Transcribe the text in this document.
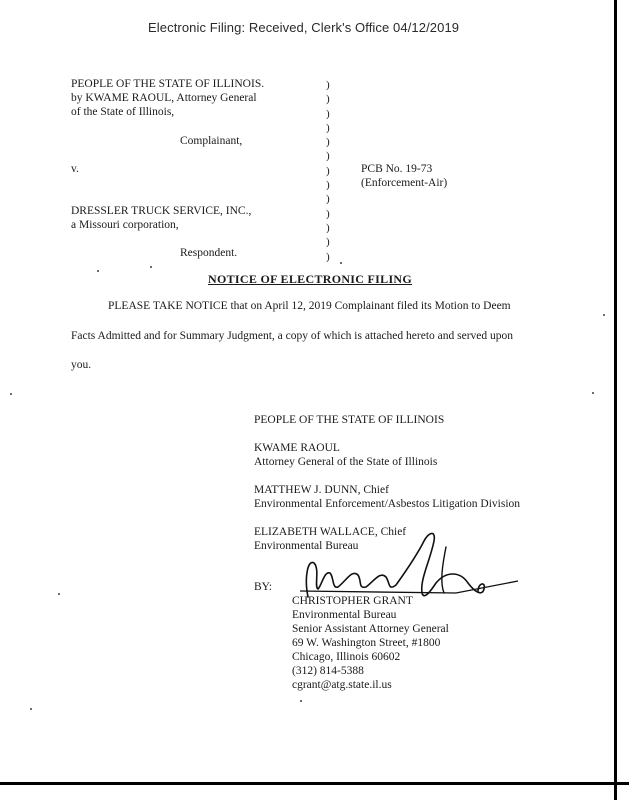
Electronic Filing: Received, Clerk's Office 04/12/2019
PEOPLE OF THE STATE OF ILLINOIS.
by KWAME RAOUL, Attorney General
of the State of Illinois,
Complainant,
v.
DRESSLER TRUCK SERVICE, INC.,
a Missouri corporation,
Respondent.
)
)
)
)
)
)
)
)
)
)
)
)
)
PCB No. 19-73
(Enforcement-Air)
NOTICE OF ELECTRONIC FILING
PLEASE TAKE NOTICE that on April 12, 2019 Complainant filed its Motion to Deem
Facts Admitted and for Summary Judgment, a copy of which is attached hereto and served upon
you.
PEOPLE OF THE STATE OF ILLINOIS
KWAME RAOUL
Attorney General of the State of Illinois
MATTHEW J. DUNN, Chief
Environmental Enforcement/Asbestos Litigation Division
ELIZABETH WALLACE, Chief
Environmental Bureau
BY:
CHRISTOPHER GRANT
Environmental Bureau
Senior Assistant Attorney General
69 W. Washington Street, #1800
Chicago, Illinois 60602
(312) 814-5388
cgrant@atg.state.il.us
